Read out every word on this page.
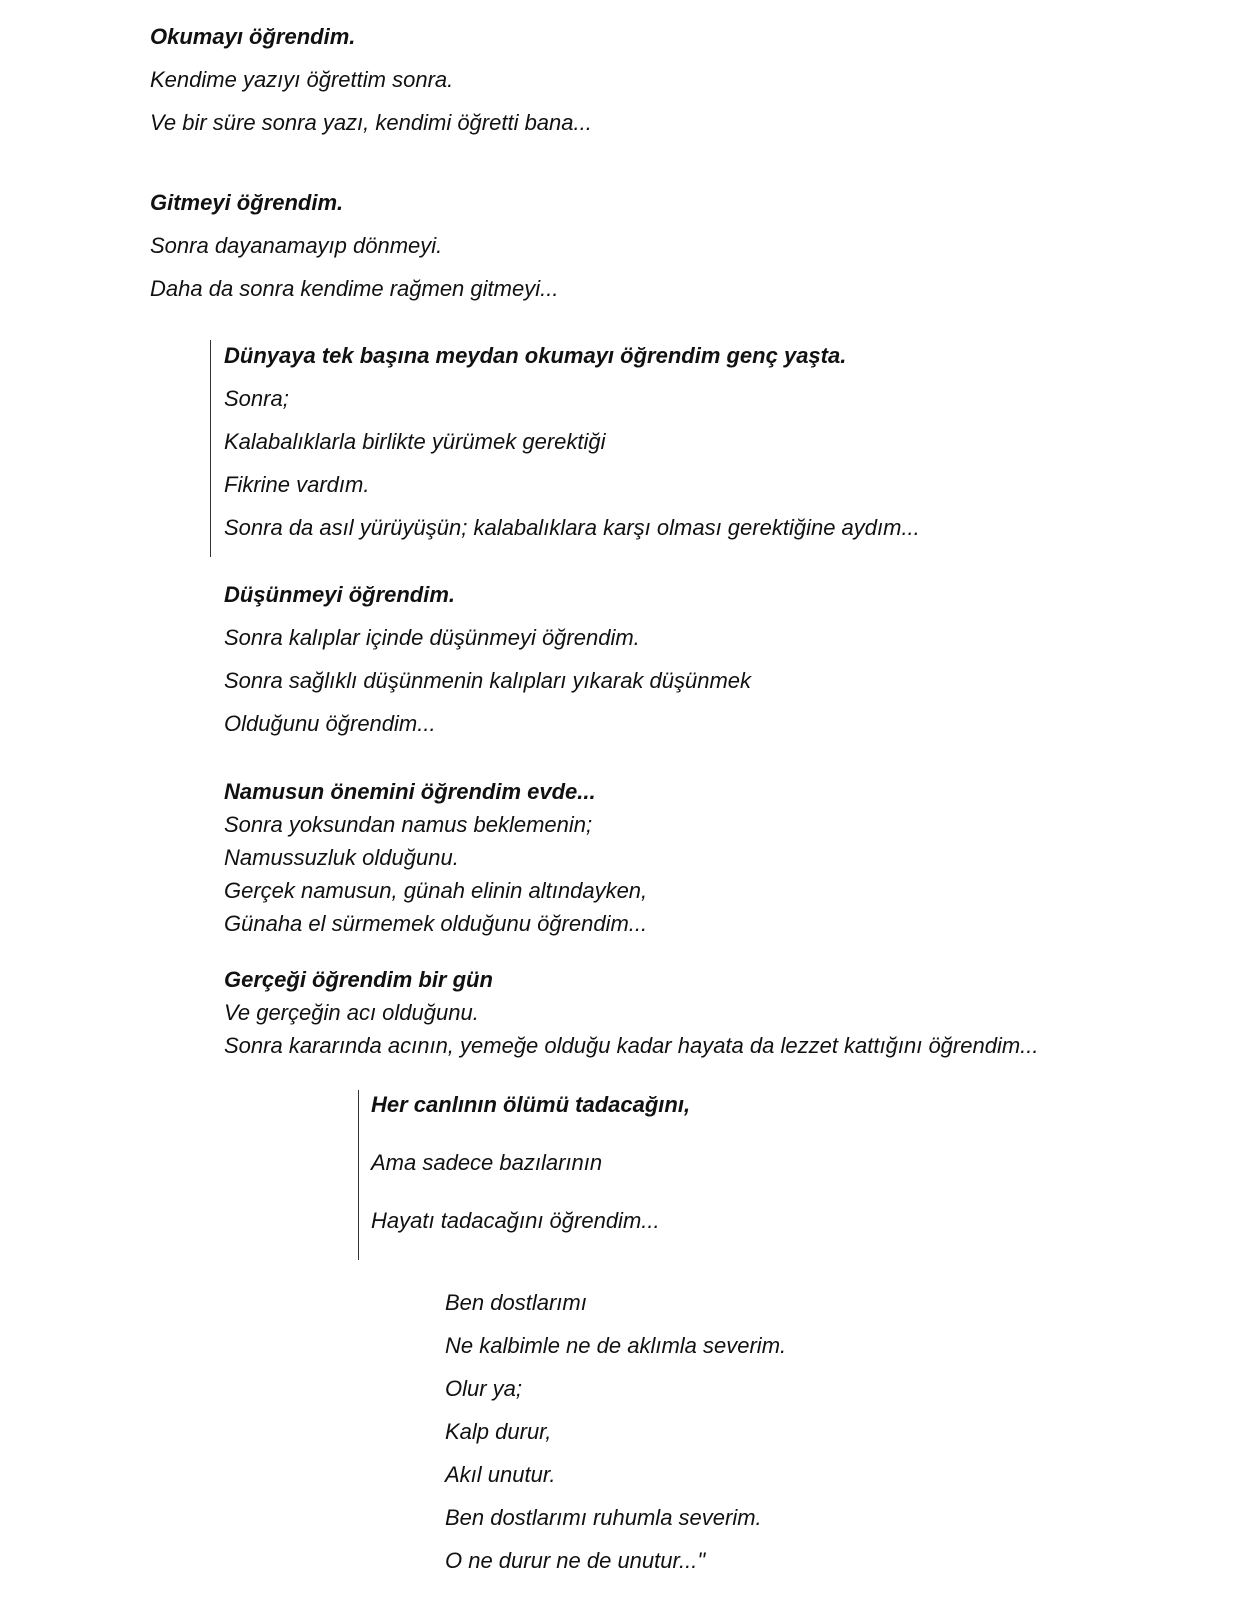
Okumayı öğrendim.
Kendime yazıyı öğrettim sonra.
Ve bir süre sonra yazı, kendimi öğretti bana...
Gitmeyi öğrendim.
Sonra dayanamayıp dönmeyi.
Daha da sonra kendime rağmen gitmeyi...
Dünyaya tek başına meydan okumayı öğrendim genç yaşta.
Sonra;
Kalabalıklarla birlikte yürümek gerektiği
Fikrine vardım.
Sonra da asıl yürüyüşün; kalabalıklara karşı olması gerektiğine aydım...
Düşünmeyi öğrendim.
Sonra kalıplar içinde düşünmeyi öğrendim.
Sonra sağlıklı düşünmenin kalıpları yıkarak düşünmek
Olduğunu öğrendim...
Namusun önemini öğrendim evde...
Sonra yoksundan namus beklemenin;
Namussuzluk olduğunu.
Gerçek namusun, günah elinin altındayken,
Günaha el sürmemek olduğunu öğrendim...
Gerçeği öğrendim bir gün
Ve gerçeğin acı olduğunu.
Sonra kararında acının, yemeğe olduğu kadar hayata da lezzet kattığını öğrendim...
Her canlının ölümü tadacağını,
Ama sadece bazılarının
Hayatı tadacağını öğrendim...
Ben dostlarımı
Ne kalbimle ne de aklımla severim.
Olur ya;
Kalp durur,
Akıl unutur.
Ben dostlarımı ruhumla severim.
O ne durur ne de unutur..."
